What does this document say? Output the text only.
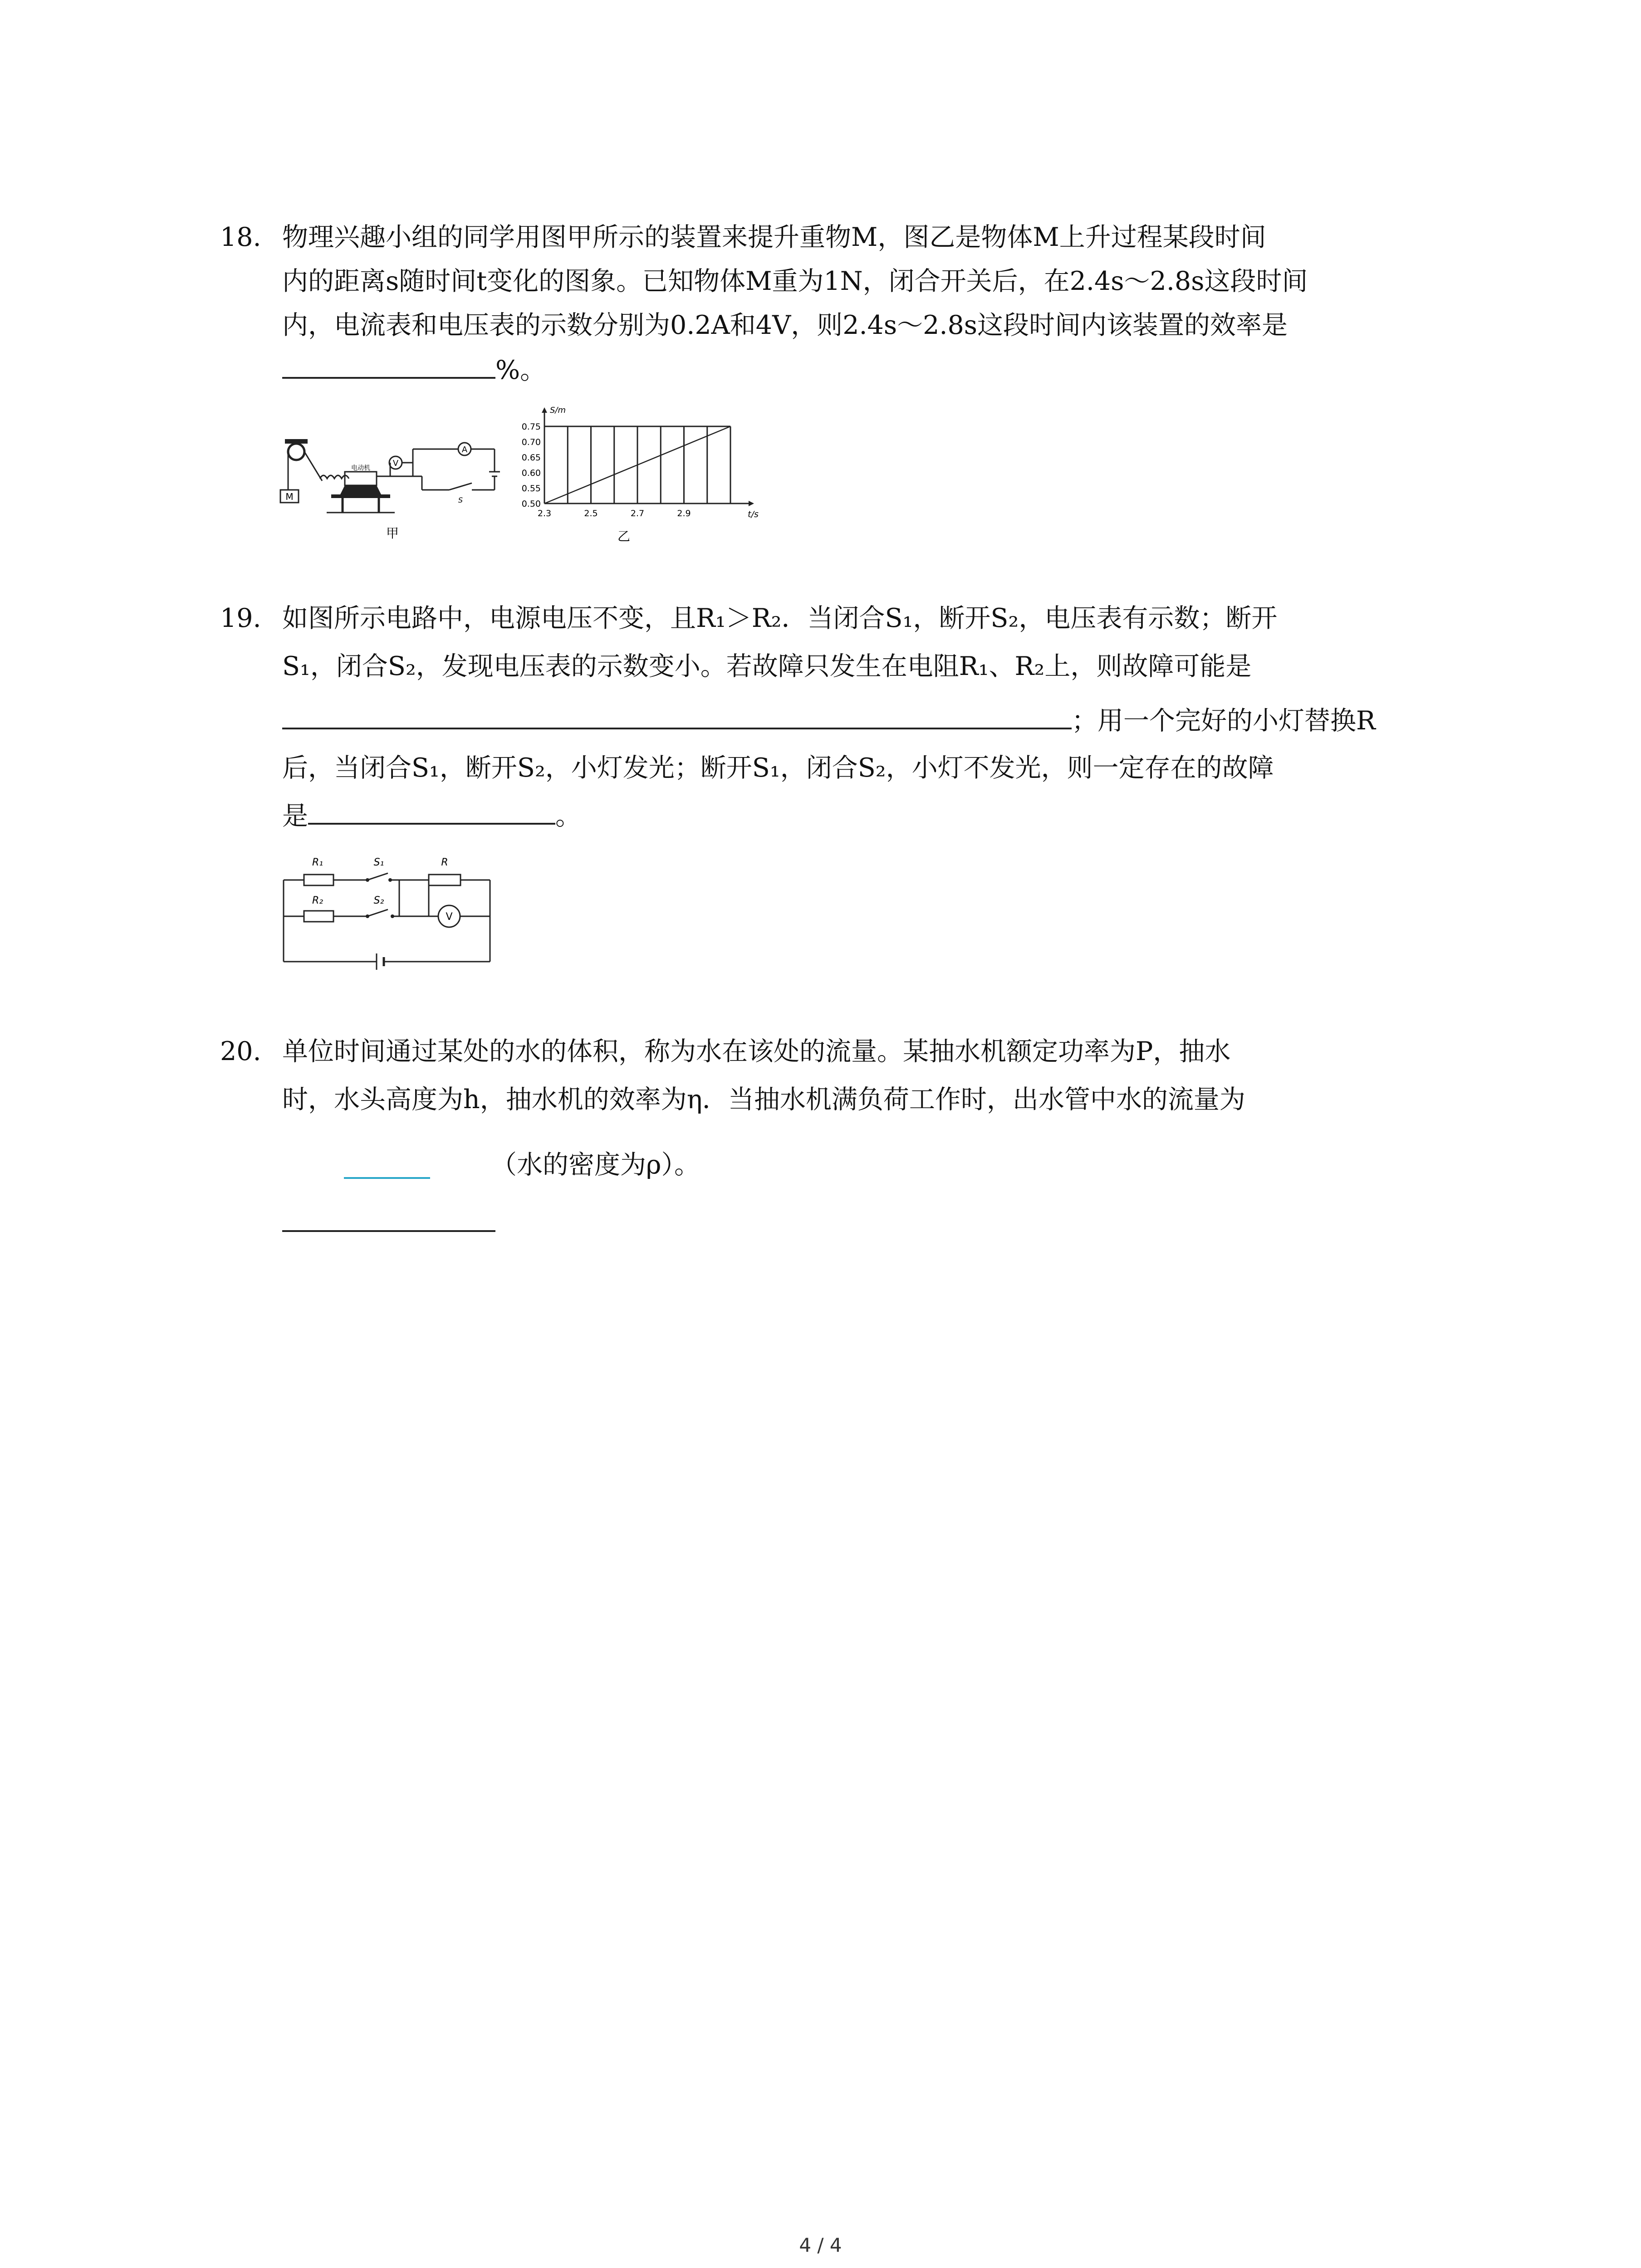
18. 物理兴趣小组的同学用图甲所示的装置来提升重物M，图乙是物体M上升过程某段时间
内的距离s随时间t变化的图象。已知物体M重为1N，闭合开关后，在2.4s～2.8s这段时间
内，电流表和电压表的示数分别为0.2A和4V，则2.4s～2.8s这段时间内该装置的效率是
%。
M
电动机	V
A
S
甲
0.75
0.70
0.65
0.60
0.55
0.50
2.3	2.5	2.7	2.9
S/m
t/s
乙
19. 如图所示电路中，电源电压不变，且R₁＞R₂．当闭合S₁，断开S₂，电压表有示数；断开
S₁，闭合S₂，发现电压表的示数变小。若故障只发生在电阻R₁、R₂上，则故障可能是
；用一个完好的小灯替换R
后，当闭合S₁，断开S₂，小灯发光；断开S₁，闭合S₂，小灯不发光，则一定存在的故障
是	。
R₁	S₁	R
R₂	S₂
V
20. 单位时间通过某处的水的体积，称为水在该处的流量。某抽水机额定功率为P，抽水
时，水头高度为h，抽水机的效率为η．当抽水机满负荷工作时，出水管中水的流量为
（水的密度为ρ）。
4 / 4
